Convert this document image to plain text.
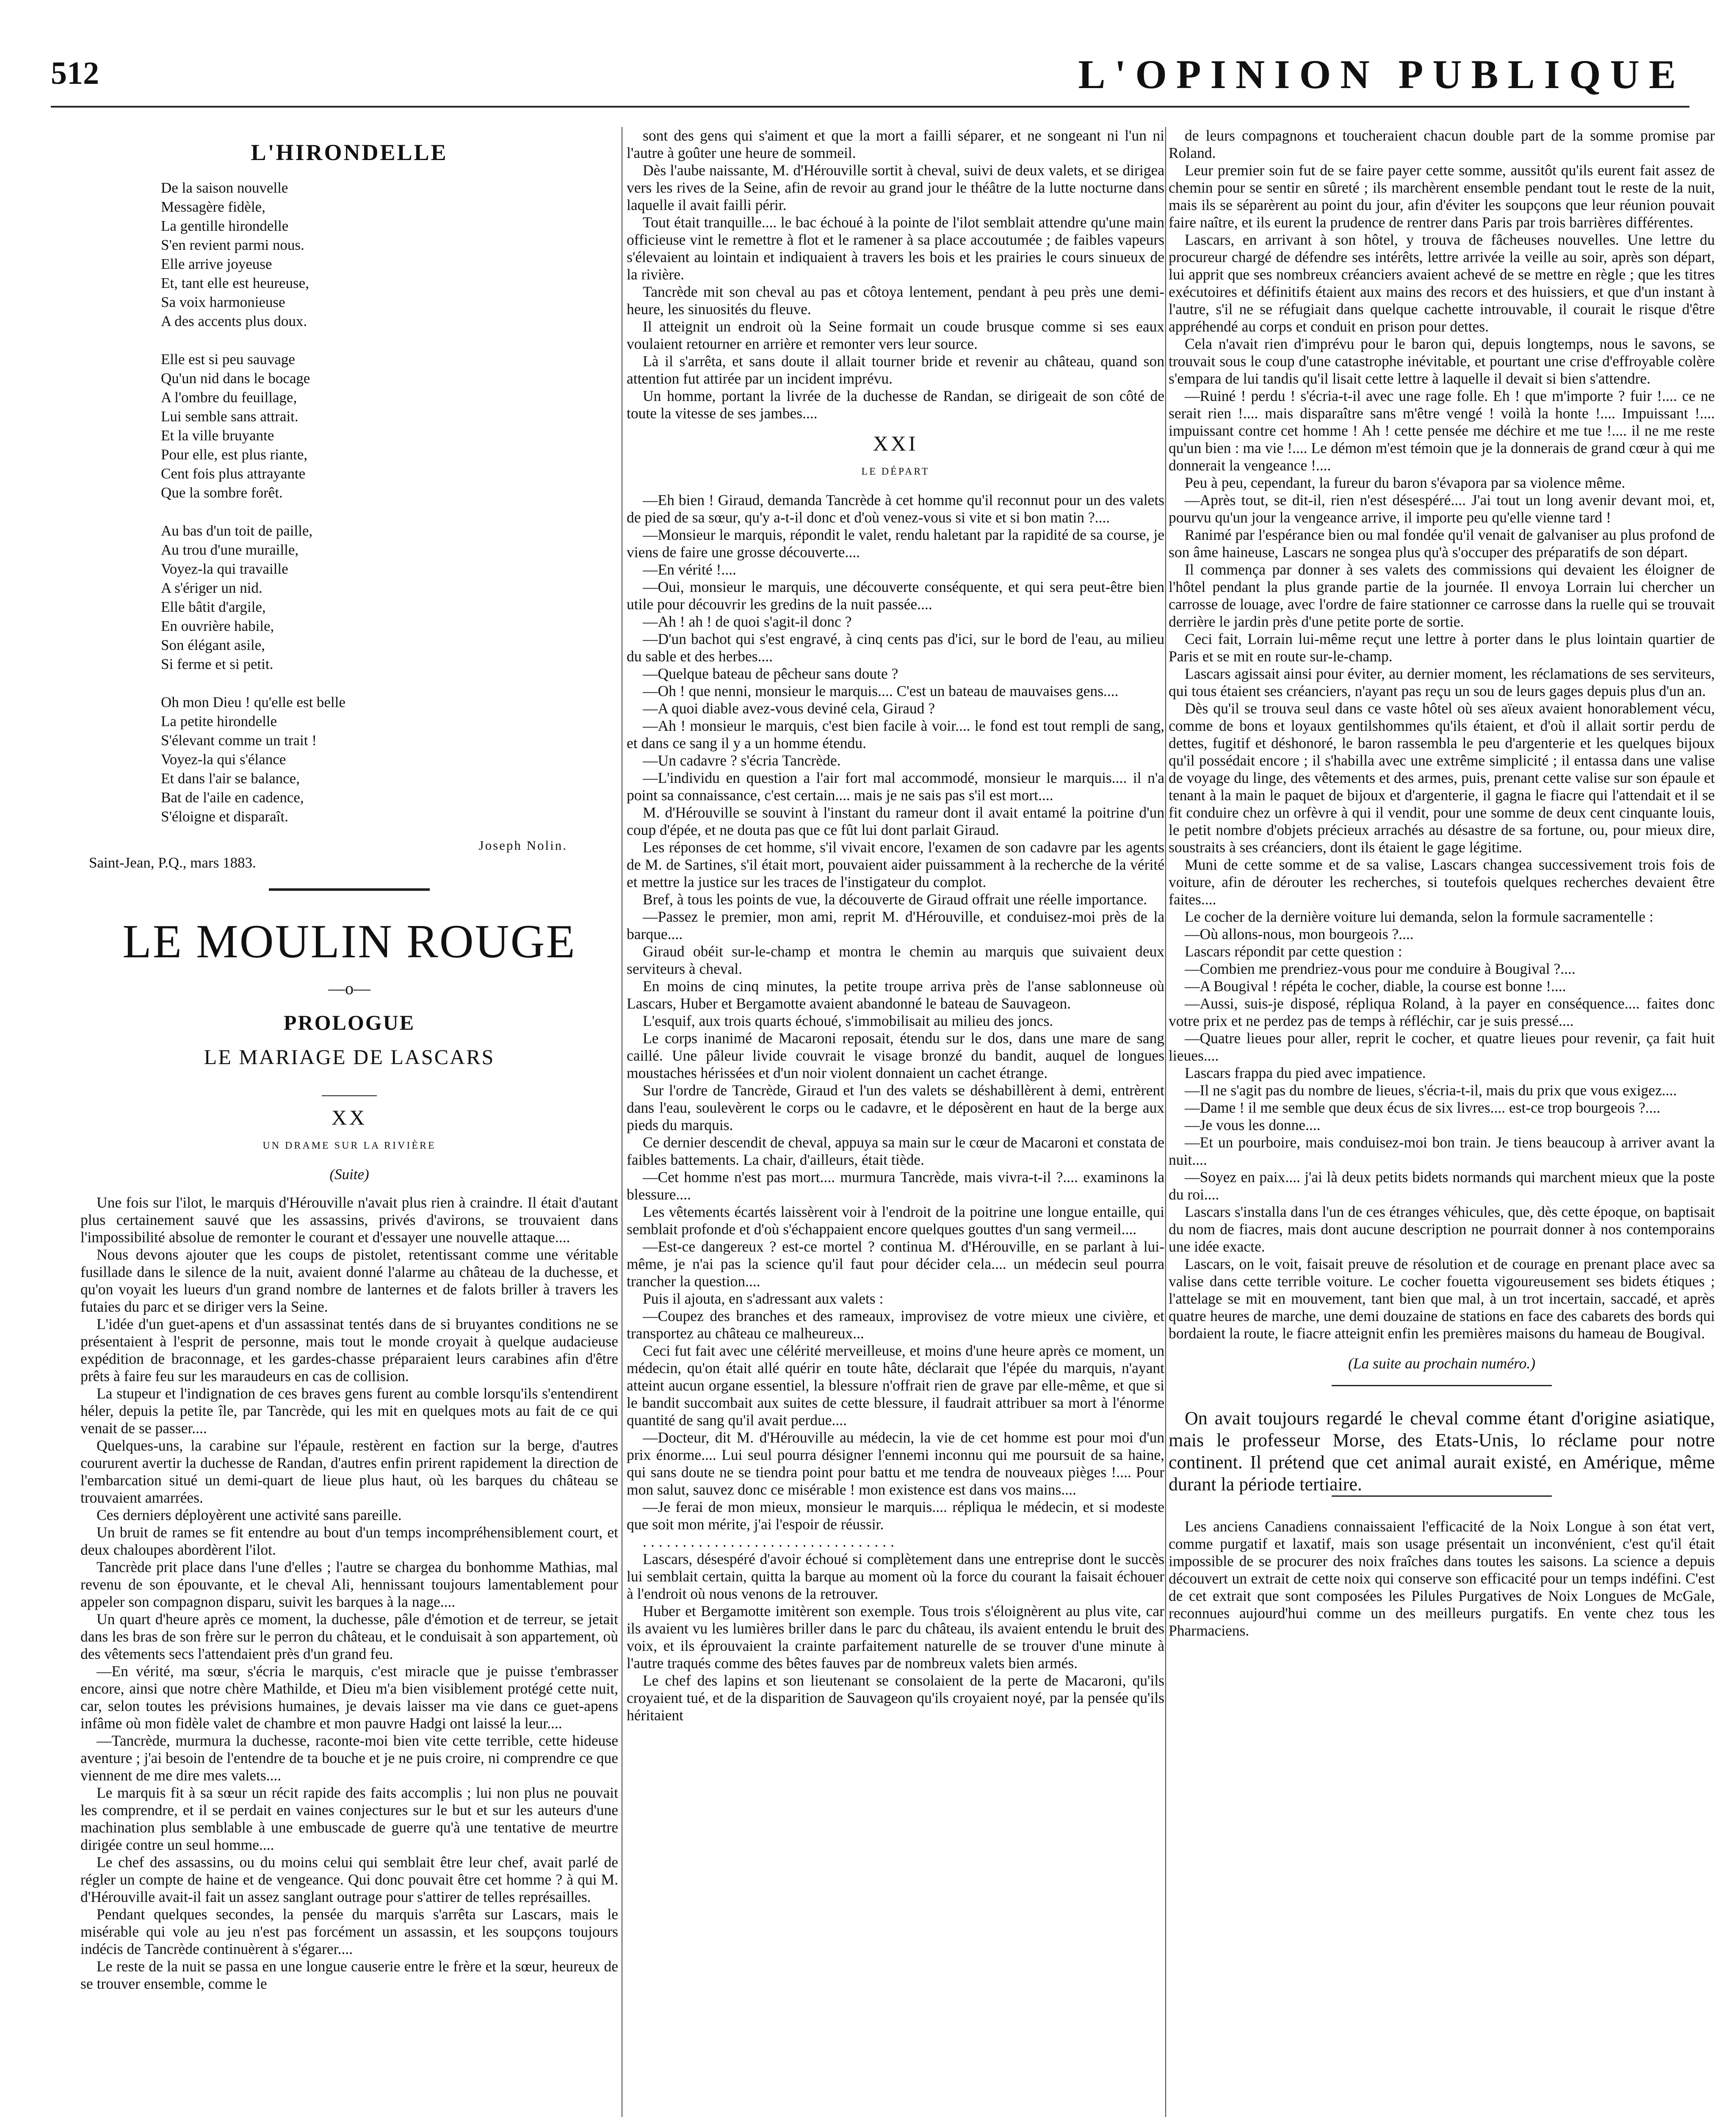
512	L'OPINION PUBLIQUE
L'HIRONDELLE
De la saison nouvelle
Messagère fidèle,
La gentille hirondelle
S'en revient parmi nous.
Elle arrive joyeuse
Et, tant elle est heureuse,
Sa voix harmonieuse
A des accents plus doux.
Elle est si peu sauvage
Qu'un nid dans le bocage
A l'ombre du feuillage,
Lui semble sans attrait.
Et la ville bruyante
Pour elle, est plus riante,
Cent fois plus attrayante
Que la sombre forêt.
Au bas d'un toit de paille,
Au trou d'une muraille,
Voyez-la qui travaille
A s'ériger un nid.
Elle bâtit d'argile,
En ouvrière habile,
Son élégant asile,
Si ferme et si petit.
Oh mon Dieu ! qu'elle est belle
La petite hirondelle
S'élevant comme un trait !
Voyez-la qui s'élance
Et dans l'air se balance,
Bat de l'aile en cadence,
S'éloigne et disparaît.
Joseph Nolin.
Saint-Jean, P.Q., mars 1883.
LE MOULIN ROUGE
—o—
PROLOGUE
LE MARIAGE DE LASCARS
XX
UN DRAME SUR LA RIVIÈRE
(Suite)

Une fois sur l'ilot, le marquis d'Hérouville n'avait plus rien à craindre. Il était d'autant plus certainement sauvé que les assassins, privés d'avirons, se trouvaient dans l'impossibilité absolue de remonter le courant et d'essayer une nouvelle attaque....

Nous devons ajouter que les coups de pistolet, retentissant comme une véritable fusillade dans le silence de la nuit, avaient donné l'alarme au château de la duchesse, et qu'on voyait les lueurs d'un grand nombre de lanternes et de falots briller à travers les futaies du parc et se diriger vers la Seine.

L'idée d'un guet-apens et d'un assassinat tentés dans de si bruyantes conditions ne se présentaient à l'esprit de personne, mais tout le monde croyait à quelque audacieuse expédition de braconnage, et les gardes-chasse préparaient leurs carabines afin d'être prêts à faire feu sur les maraudeurs en cas de collision.

La stupeur et l'indignation de ces braves gens furent au comble lorsqu'ils s'entendirent héler, depuis la petite île, par Tancrède, qui les mit en quelques mots au fait de ce qui venait de se passer....

Quelques-uns, la carabine sur l'épaule, restèrent en faction sur la berge, d'autres coururent avertir la duchesse de Randan, d'autres enfin prirent rapidement la direction de l'embarcation situé un demi-quart de lieue plus haut, où les barques du château se trouvaient amarrées.

Ces derniers déployèrent une activité sans pareille.

Un bruit de rames se fit entendre au bout d'un temps incompréhensiblement court, et deux chaloupes abordèrent l'ilot.

Tancrède prit place dans l'une d'elles ; l'autre se chargea du bonhomme Mathias, mal revenu de son épouvante, et le cheval Ali, hennissant toujours lamentablement pour appeler son compagnon disparu, suivit les barques à la nage....

Un quart d'heure après ce moment, la duchesse, pâle d'émotion et de terreur, se jetait dans les bras de son frère sur le perron du château, et le conduisait à son appartement, où des vêtements secs l'attendaient près d'un grand feu.

—En vérité, ma sœur, s'écria le marquis, c'est miracle que je puisse t'embrasser encore, ainsi que notre chère Mathilde, et Dieu m'a bien visiblement protégé cette nuit, car, selon toutes les prévisions humaines, je devais laisser ma vie dans ce guet-apens infâme où mon fidèle valet de chambre et mon pauvre Hadgi ont laissé la leur....

—Tancrède, murmura la duchesse, raconte-moi bien vite cette terrible, cette hideuse aventure ; j'ai besoin de l'entendre de ta bouche et je ne puis croire, ni comprendre ce que viennent de me dire mes valets....

Le marquis fit à sa sœur un récit rapide des faits accomplis ; lui non plus ne pouvait les comprendre, et il se perdait en vaines conjectures sur le but et sur les auteurs d'une machination plus semblable à une embuscade de guerre qu'à une tentative de meurtre dirigée contre un seul homme....

Le chef des assassins, ou du moins celui qui semblait être leur chef, avait parlé de régler un compte de haine et de vengeance. Qui donc pouvait être cet homme ? à qui M. d'Hérouville avait-il fait un assez sanglant outrage pour s'attirer de telles représailles.

Pendant quelques secondes, la pensée du marquis s'arrêta sur Lascars, mais le misérable qui vole au jeu n'est pas forcément un assassin, et les soupçons toujours indécis de Tancrède continuèrent à s'égarer....

Le reste de la nuit se passa en une longue causerie entre le frère et la sœur, heureux de se trouver ensemble, comme le

sont des gens qui s'aiment et que la mort a failli séparer, et ne songeant ni l'un ni l'autre à goûter une heure de sommeil.

Dès l'aube naissante, M. d'Hérouville sortit à cheval, suivi de deux valets, et se dirigea vers les rives de la Seine, afin de revoir au grand jour le théâtre de la lutte nocturne dans laquelle il avait failli périr.

Tout était tranquille.... le bac échoué à la pointe de l'ilot semblait attendre qu'une main officieuse vint le remettre à flot et le ramener à sa place accoutumée ; de faibles vapeurs s'élevaient au lointain et indiquaient à travers les bois et les prairies le cours sinueux de la rivière.

Tancrède mit son cheval au pas et côtoya lentement, pendant à peu près une demi-heure, les sinuosités du fleuve.

Il atteignit un endroit où la Seine formait un coude brusque comme si ses eaux voulaient retourner en arrière et remonter vers leur source.

Là il s'arrêta, et sans doute il allait tourner bride et revenir au château, quand son attention fut attirée par un incident imprévu.

Un homme, portant la livrée de la duchesse de Randan, se dirigeait de son côté de toute la vitesse de ses jambes....

XXI
LE DÉPART

—Eh bien ! Giraud, demanda Tancrède à cet homme qu'il reconnut pour un des valets de pied de sa sœur, qu'y a-t-il donc et d'où venez-vous si vite et si bon matin ?....

—Monsieur le marquis, répondit le valet, rendu haletant par la rapidité de sa course, je viens de faire une grosse découverte....

—En vérité !....

—Oui, monsieur le marquis, une découverte conséquente, et qui sera peut-être bien utile pour découvrir les gredins de la nuit passée....

—Ah ! ah ! de quoi s'agit-il donc ?

—D'un bachot qui s'est engravé, à cinq cents pas d'ici, sur le bord de l'eau, au milieu du sable et des herbes....

—Quelque bateau de pêcheur sans doute ?

—Oh ! que nenni, monsieur le marquis.... C'est un bateau de mauvaises gens....

—A quoi diable avez-vous deviné cela, Giraud ?

—Ah ! monsieur le marquis, c'est bien facile à voir.... le fond est tout rempli de sang, et dans ce sang il y a un homme étendu.

—Un cadavre ? s'écria Tancrède.

—L'individu en question a l'air fort mal accommodé, monsieur le marquis.... il n'a point sa connaissance, c'est certain.... mais je ne sais pas s'il est mort....

M. d'Hérouville se souvint à l'instant du rameur dont il avait entamé la poitrine d'un coup d'épée, et ne douta pas que ce fût lui dont parlait Giraud.

Les réponses de cet homme, s'il vivait encore, l'examen de son cadavre par les agents de M. de Sartines, s'il était mort, pouvaient aider puissamment à la recherche de la vérité et mettre la justice sur les traces de l'instigateur du complot.

Bref, à tous les points de vue, la découverte de Giraud offrait une réelle importance.

—Passez le premier, mon ami, reprit M. d'Hérouville, et conduisez-moi près de la barque....

Giraud obéit sur-le-champ et montra le chemin au marquis que suivaient deux serviteurs à cheval.

En moins de cinq minutes, la petite troupe arriva près de l'anse sablonneuse où Lascars, Huber et Bergamotte avaient abandonné le bateau de Sauvageon.

L'esquif, aux trois quarts échoué, s'immobilisait au milieu des joncs.

Le corps inanimé de Macaroni reposait, étendu sur le dos, dans une mare de sang caillé. Une pâleur livide couvrait le visage bronzé du bandit, auquel de longues moustaches hérissées et d'un noir violent donnaient un cachet étrange.

Sur l'ordre de Tancrède, Giraud et l'un des valets se déshabillèrent à demi, entrèrent dans l'eau, soulevèrent le corps ou le cadavre, et le déposèrent en haut de la berge aux pieds du marquis.

Ce dernier descendit de cheval, appuya sa main sur le cœur de Macaroni et constata de faibles battements. La chair, d'ailleurs, était tiède.

—Cet homme n'est pas mort.... murmura Tancrède, mais vivra-t-il ?.... examinons la blessure....

Les vêtements écartés laissèrent voir à l'endroit de la poitrine une longue entaille, qui semblait profonde et d'où s'échappaient encore quelques gouttes d'un sang vermeil....

—Est-ce dangereux ? est-ce mortel ? continua M. d'Hérouville, en se parlant à lui-même, je n'ai pas la science qu'il faut pour décider cela.... un médecin seul pourra trancher la question....

Puis il ajouta, en s'adressant aux valets :

—Coupez des branches et des rameaux, improvisez de votre mieux une civière, et transportez au château ce malheureux...

Ceci fut fait avec une célérité merveilleuse, et moins d'une heure après ce moment, un médecin, qu'on était allé quérir en toute hâte, déclarait que l'épée du marquis, n'ayant atteint aucun organe essentiel, la blessure n'offrait rien de grave par elle-même, et que si le bandit succombait aux suites de cette blessure, il faudrait attribuer sa mort à l'énorme quantité de sang qu'il avait perdue....

—Docteur, dit M. d'Hérouville au médecin, la vie de cet homme est pour moi d'un prix énorme.... Lui seul pourra désigner l'ennemi inconnu qui me poursuit de sa haine, qui sans doute ne se tiendra point pour battu et me tendra de nouveaux pièges !.... Pour mon salut, sauvez donc ce misérable ! mon existence est dans vos mains....

—Je ferai de mon mieux, monsieur le marquis.... répliqua le médecin, et si modeste que soit mon mérite, j'ai l'espoir de réussir.

................................

Lascars, désespéré d'avoir échoué si complètement dans une entreprise dont le succès lui semblait certain, quitta la barque au moment où la force du courant la faisait échouer à l'endroit où nous venons de la retrouver.

Huber et Bergamotte imitèrent son exemple. Tous trois s'éloignèrent au plus vite, car ils avaient vu les lumières briller dans le parc du château, ils avaient entendu le bruit des voix, et ils éprouvaient la crainte parfaitement naturelle de se trouver d'une minute à l'autre traqués comme des bêtes fauves par de nombreux valets bien armés.

Le chef des lapins et son lieutenant se consolaient de la perte de Macaroni, qu'ils croyaient tué, et de la disparition de Sauvageon qu'ils croyaient noyé, par la pensée qu'ils héritaient

de leurs compagnons et toucheraient chacun double part de la somme promise par Roland.

Leur premier soin fut de se faire payer cette somme, aussitôt qu'ils eurent fait assez de chemin pour se sentir en sûreté ; ils marchèrent ensemble pendant tout le reste de la nuit, mais ils se séparèrent au point du jour, afin d'éviter les soupçons que leur réunion pouvait faire naître, et ils eurent la prudence de rentrer dans Paris par trois barrières différentes.

Lascars, en arrivant à son hôtel, y trouva de fâcheuses nouvelles. Une lettre du procureur chargé de défendre ses intérêts, lettre arrivée la veille au soir, après son départ, lui apprit que ses nombreux créanciers avaient achevé de se mettre en règle ; que les titres exécutoires et définitifs étaient aux mains des recors et des huissiers, et que d'un instant à l'autre, s'il ne se réfugiait dans quelque cachette introuvable, il courait le risque d'être appréhendé au corps et conduit en prison pour dettes.

Cela n'avait rien d'imprévu pour le baron qui, depuis longtemps, nous le savons, se trouvait sous le coup d'une catastrophe inévitable, et pourtant une crise d'effroyable colère s'empara de lui tandis qu'il lisait cette lettre à laquelle il devait si bien s'attendre.

—Ruiné ! perdu ! s'écria-t-il avec une rage folle. Eh ! que m'importe ? fuir !.... ce ne serait rien !.... mais disparaître sans m'être vengé ! voilà la honte !.... Impuissant !.... impuissant contre cet homme ! Ah ! cette pensée me déchire et me tue !.... il ne me reste qu'un bien : ma vie !.... Le démon m'est témoin que je la donnerais de grand cœur à qui me donnerait la vengeance !....

Peu à peu, cependant, la fureur du baron s'évapora par sa violence même.

—Après tout, se dit-il, rien n'est désespéré.... J'ai tout un long avenir devant moi, et, pourvu qu'un jour la vengeance arrive, il importe peu qu'elle vienne tard !

Ranimé par l'espérance bien ou mal fondée qu'il venait de galvaniser au plus profond de son âme haineuse, Lascars ne songea plus qu'à s'occuper des préparatifs de son départ.

Il commença par donner à ses valets des commissions qui devaient les éloigner de l'hôtel pendant la plus grande partie de la journée. Il envoya Lorrain lui chercher un carrosse de louage, avec l'ordre de faire stationner ce carrosse dans la ruelle qui se trouvait derrière le jardin près d'une petite porte de sortie.

Ceci fait, Lorrain lui-même reçut une lettre à porter dans le plus lointain quartier de Paris et se mit en route sur-le-champ.

Lascars agissait ainsi pour éviter, au dernier moment, les réclamations de ses serviteurs, qui tous étaient ses créanciers, n'ayant pas reçu un sou de leurs gages depuis plus d'un an.

Dès qu'il se trouva seul dans ce vaste hôtel où ses aïeux avaient honorablement vécu, comme de bons et loyaux gentilshommes qu'ils étaient, et d'où il allait sortir perdu de dettes, fugitif et déshonoré, le baron rassembla le peu d'argenterie et les quelques bijoux qu'il possédait encore ; il s'habilla avec une extrême simplicité ; il entassa dans une valise de voyage du linge, des vêtements et des armes, puis, prenant cette valise sur son épaule et tenant à la main le paquet de bijoux et d'argenterie, il gagna le fiacre qui l'attendait et il se fit conduire chez un orfèvre à qui il vendit, pour une somme de deux cent cinquante louis, le petit nombre d'objets précieux arrachés au désastre de sa fortune, ou, pour mieux dire, soustraits à ses créanciers, dont ils étaient le gage légitime.

Muni de cette somme et de sa valise, Lascars changea successivement trois fois de voiture, afin de dérouter les recherches, si toutefois quelques recherches devaient être faites....

Le cocher de la dernière voiture lui demanda, selon la formule sacramentelle :

—Où allons-nous, mon bourgeois ?....

Lascars répondit par cette question :

—Combien me prendriez-vous pour me conduire à Bougival ?....

—A Bougival ! répéta le cocher, diable, la course est bonne !....

—Aussi, suis-je disposé, répliqua Roland, à la payer en conséquence.... faites donc votre prix et ne perdez pas de temps à réfléchir, car je suis pressé....

—Quatre lieues pour aller, reprit le cocher, et quatre lieues pour revenir, ça fait huit lieues....

Lascars frappa du pied avec impatience.

—Il ne s'agit pas du nombre de lieues, s'écria-t-il, mais du prix que vous exigez....

—Dame ! il me semble que deux écus de six livres.... est-ce trop bourgeois ?....

—Je vous les donne....

—Et un pourboire, mais conduisez-moi bon train. Je tiens beaucoup à arriver avant la nuit....

—Soyez en paix.... j'ai là deux petits bidets normands qui marchent mieux que la poste du roi....

Lascars s'installa dans l'un de ces étranges véhicules, que, dès cette époque, on baptisait du nom de fiacres, mais dont aucune description ne pourrait donner à nos contemporains une idée exacte.

Lascars, on le voit, faisait preuve de résolution et de courage en prenant place avec sa valise dans cette terrible voiture. Le cocher fouetta vigoureusement ses bidets étiques ; l'attelage se mit en mouvement, tant bien que mal, à un trot incertain, saccadé, et après quatre heures de marche, une demi douzaine de stations en face des cabarets des bords qui bordaient la route, le fiacre atteignit enfin les premières maisons du hameau de Bougival.

(La suite au prochain numéro.)

On avait toujours regardé le cheval comme étant d'origine asiatique, mais le professeur Morse, des Etats-Unis, lo réclame pour notre continent. Il prétend que cet animal aurait existé, en Amérique, même durant la période tertiaire.

Les anciens Canadiens connaissaient l'efficacité de la Noix Longue à son état vert, comme purgatif et laxatif, mais son usage présentait un inconvénient, c'est qu'il était impossible de se procurer des noix fraîches dans toutes les saisons. La science a depuis découvert un extrait de cette noix qui conserve son efficacité pour un temps indéfini. C'est de cet extrait que sont composées les Pilules Purgatives de Noix Longues de McGale, reconnues aujourd'hui comme un des meilleurs purgatifs. En vente chez tous les Pharmaciens.
